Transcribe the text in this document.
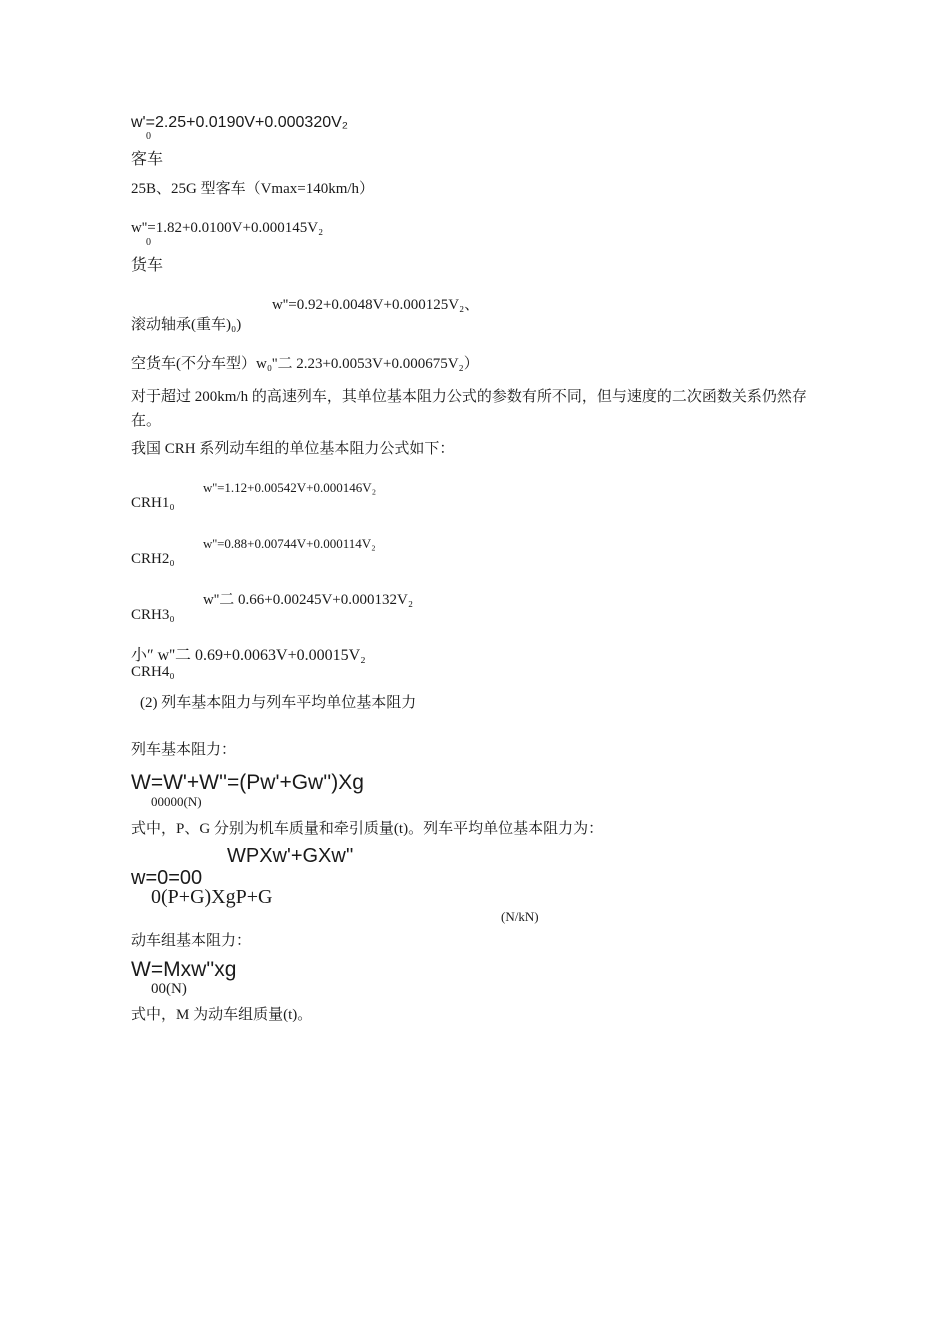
w'=2.25+0.0190V+0.000320V₂
0
客车
25B、25G 型客车（Vmax=140km/h）
w''=1.82+0.0100V+0.000145V₂
0
货车
w''=0.92+0.0048V+0.000125V₂、
滚动轴承(重车)₀)
空货车(不分车型）w₀''二 2.23+0.0053V+0.000675V₂）
对于超过 200km/h 的高速列车，其单位基本阻力公式的参数有所不同，但与速度的二次函数关系仍然存在。
我国 CRH 系列动车组的单位基本阻力公式如下：
w''=1.12+0.00542V+0.000146V₂
CRH1₀
w''=0.88+0.00744V+0.000114V₂
CRH2₀
w''二 0.66+0.00245V+0.000132V₂
CRH3₀
小″ w''二 0.69+0.0063V+0.00015V₂
CRH4₀
(2) 列车基本阻力与列车平均单位基本阻力
列车基本阻力：
W=W'+W''=(Pw'+Gw'')Xg
00000(N)
式中，P、G 分别为机车质量和牵引质量(t)。列车平均单位基本阻力为：
WPXw'+GXw''
w=0=00
0(P+G)XgP+G
(N/kN)
动车组基本阻力：
W=Mxw''xg
00(N)
式中，M 为动车组质量(t)。
